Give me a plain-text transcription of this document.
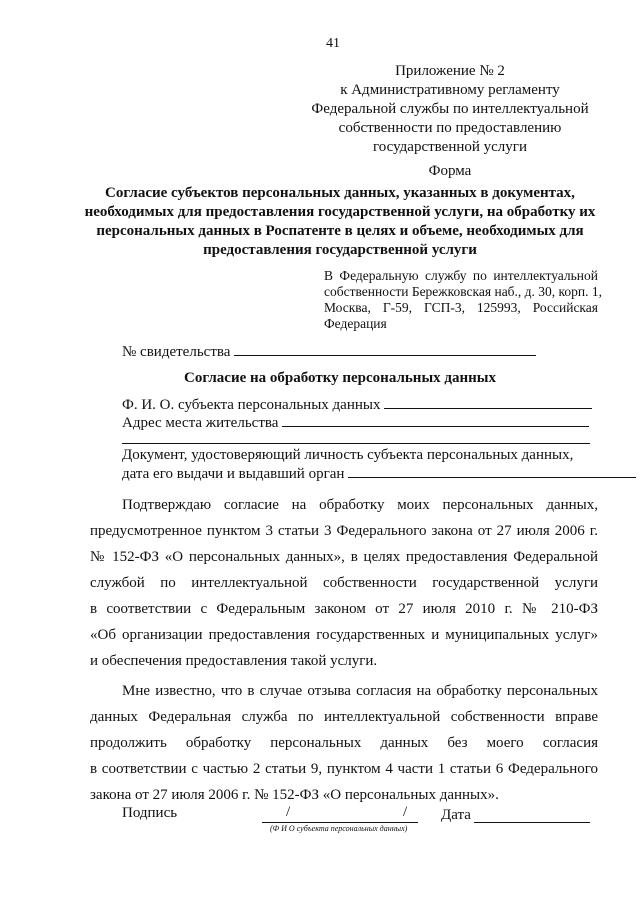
41
Приложение № 2
к Административному регламенту
Федеральной службы по интеллектуальной
собственности по предоставлению
государственной услуги
Форма
Согласие субъектов персональных данных, указанных в документах,
необходимых для предоставления государственной услуги, на обработку их
персональных данных в Роспатенте в целях и объеме, необходимых для
предоставления государственной услуги
В Федеральную службу по интеллектуальной
собственности Бережковская наб., д. 30, корп. 1,
Москва, Г-59, ГСП-3, 125993, Российская
Федерация
№ свидетельства
Согласие на обработку персональных данных
Ф. И. О. субъекта персональных данных
Адрес места жительства
Документ, удостоверяющий личность субъекта персональных данных,
дата его выдачи и выдавший орган
Подтверждаю согласие на обработку моих персональных данных,
предусмотренное пунктом 3 статьи 3 Федерального закона от 27 июля 2006 г.
№ 152-ФЗ «О персональных данных», в целях предоставления Федеральной
службой по интеллектуальной собственности государственной услуги
в соответствии с Федеральным законом от 27 июля 2010 г. № 210-ФЗ
«Об организации предоставления государственных и муниципальных услуг»
и обеспечения предоставления такой услуги.
Мне известно, что в случае отзыва согласия на обработку персональных
данных Федеральная служба по интеллектуальной собственности вправе
продолжить обработку персональных данных без моего согласия
в соответствии с частью 2 статьи 9, пунктом 4 части 1 статьи 6 Федерального
закона от 27 июля 2006 г. № 152-ФЗ «О персональных данных».
Подпись	/	/
(Ф И О субъекта персональных данных)
Дата
